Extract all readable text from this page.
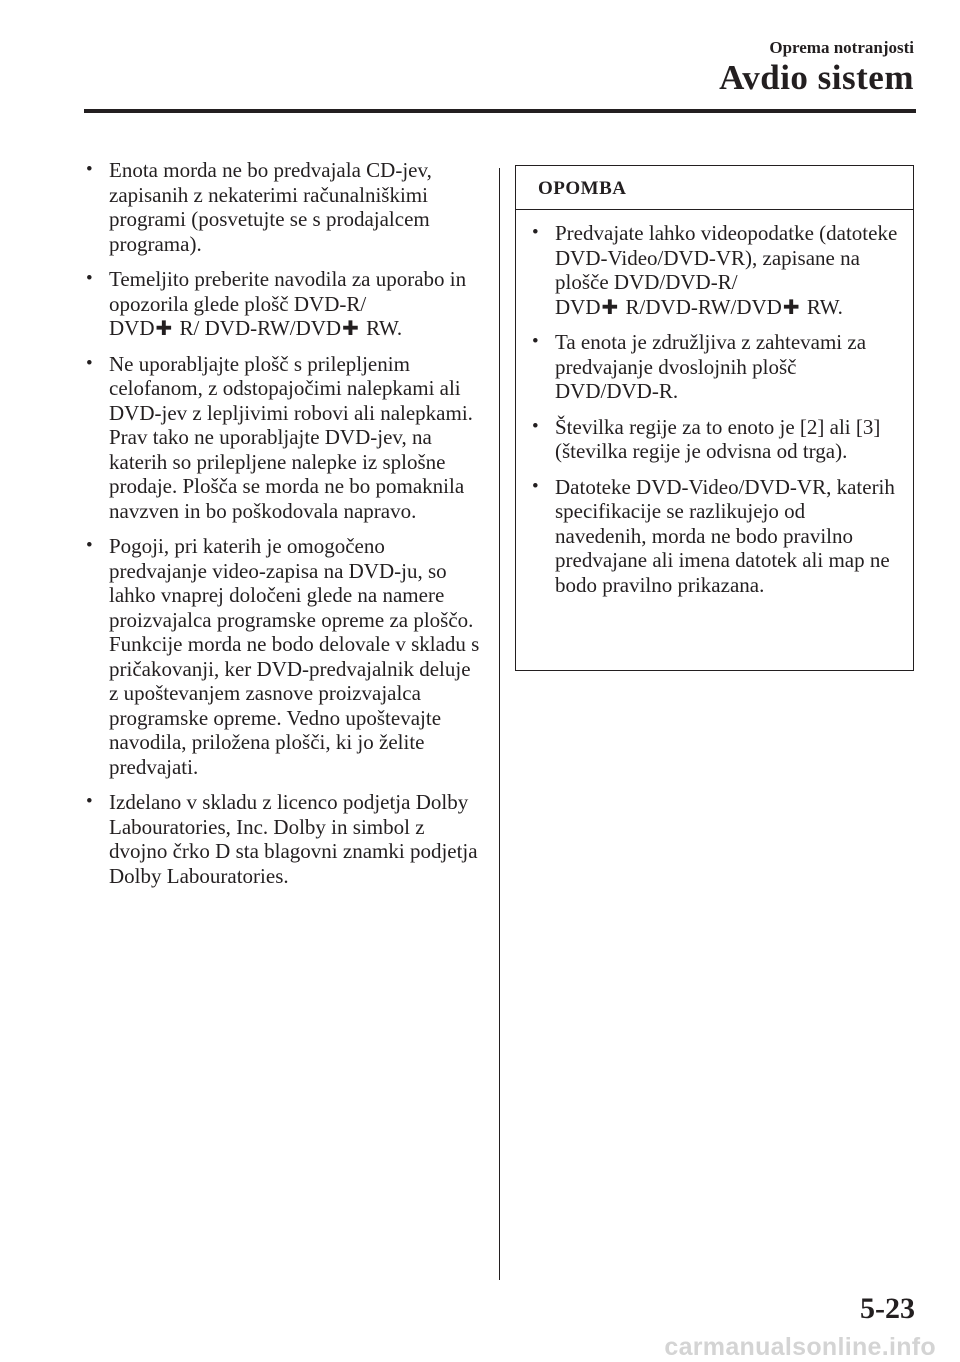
Oprema notranjosti
Avdio sistem
• Enota morda ne bo predvajala CD-jev, zapisanih z nekaterimi računalniškimi programi (posvetujte se s prodajalcem programa).
• Temeljito preberite navodila za uporabo in opozorila glede plošč DVD-R/
DVD✚ R/ DVD-RW/DVD✚ RW.
• Ne uporabljajte plošč s prilepljenim celofanom, z odstopajočimi nalepkami ali DVD-jev z lepljivimi robovi ali nalepkami. Prav tako ne uporabljajte DVD-jev, na katerih so prilepljene nalepke iz splošne prodaje. Plošča se morda ne bo pomaknila navzven in bo poškodovala napravo.
• Pogoji, pri katerih je omogočeno predvajanje video-zapisa na DVD-ju, so lahko vnaprej določeni glede na namere proizvajalca programske opreme za ploščo. Funkcije morda ne bodo delovale v skladu s pričakovanji, ker DVD-predvajalnik deluje z upoštevanjem zasnove proizvajalca programske opreme. Vedno upoštevajte navodila, priložena plošči, ki jo želite predvajati.
• Izdelano v skladu z licenco podjetja Dolby Labouratories, Inc. Dolby in simbol z dvojno črko D sta blagovni znamki podjetja Dolby Labouratories.
OPOMBA
• Predvajate lahko videopodatke (datoteke DVD-Video/DVD-VR), zapisane na plošče DVD/DVD-R/
DVD✚ R/DVD-RW/DVD✚ RW.
• Ta enota je združljiva z zahtevami za predvajanje dvoslojnih plošč DVD/DVD-R.
• Številka regije za to enoto je [2] ali [3] (številka regije je odvisna od trga).
• Datoteke DVD-Video/DVD-VR, katerih specifikacije se razlikujejo od navedenih, morda ne bodo pravilno predvajane ali imena datotek ali map ne bodo pravilno prikazana.
5-23
carmanualsonline.info
